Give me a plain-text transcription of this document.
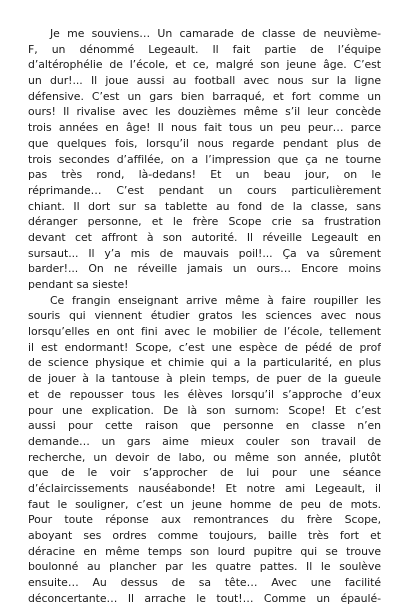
Je me souviens… Un camarade de classe de neuvième-
F, un dénommé Legeault. Il fait partie de l’équipe
d’altérophélie de l’école, et ce, malgré son jeune âge. C’est
un dur!... Il joue aussi au football avec nous sur la ligne
défensive. C’est un gars bien barraqué, et fort comme un
ours! Il rivalise avec les douzièmes même s’il leur concède
trois années en âge! Il nous fait tous un peu peur… parce
que quelques fois, lorsqu’il nous regarde pendant plus de
trois secondes d’affilée, on a l’impression que ça ne tourne
pas très rond, là-dedans! Et un beau jour, on le
réprimande… C’est pendant un cours particulièrement
chiant. Il dort sur sa tablette au fond de la classe, sans
déranger personne, et le frère Scope crie sa frustration
devant cet affront à son autorité. Il réveille Legeault en
sursaut... Il y’a mis de mauvais poil!... Ça va sûrement
barder!... On ne réveille jamais un ours… Encore moins
pendant sa sieste!
Ce frangin enseignant arrive même à faire roupiller les
souris qui viennent étudier gratos les sciences avec nous
lorsqu’elles en ont fini avec le mobilier de l’école, tellement
il est endormant! Scope, c’est une espèce de pédé de prof
de science physique et chimie qui a la particularité, en plus
de jouer à la tantouse à plein temps, de puer de la gueule
et de repousser tous les élèves lorsqu’il s’approche d’eux
pour une explication. De là son surnom: Scope! Et c’est
aussi pour cette raison que personne en classe n’en
demande… un gars aime mieux couler son travail de
recherche, un devoir de labo, ou même son année, plutôt
que de le voir s’approcher de lui pour une séance
d’éclaircissements nauséabonde! Et notre ami Legeault, il
faut le souligner, c’est un jeune homme de peu de mots.
Pour toute réponse aux remontrances du frère Scope,
aboyant ses ordres comme toujours, baille très fort et
déracine en même temps son lourd pupitre qui se trouve
boulonné au plancher par les quatre pattes. Il le soulève
ensuite… Au dessus de sa tête… Avec une facilité
déconcertante… Il arrache le tout!… Comme un épaulé-
